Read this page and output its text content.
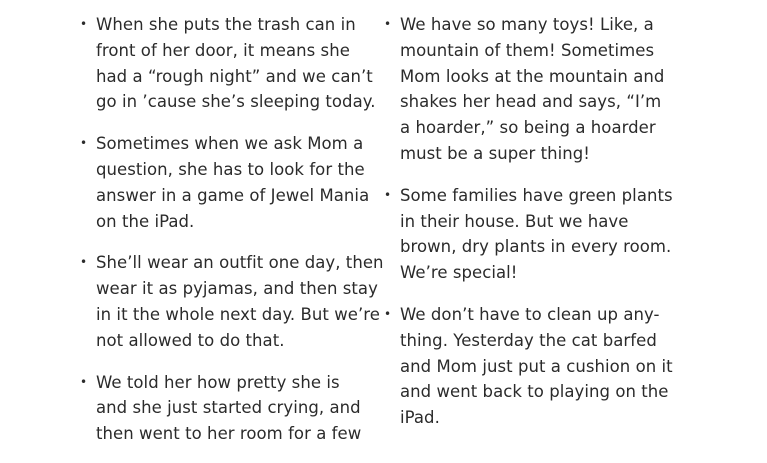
• When she puts the trash can in
front of her door, it means she
had a “rough night” and we can’t
go in ’cause she’s sleeping today.
• Sometimes when we ask Mom a
question, she has to look for the
answer in a game of Jewel Mania
on the iPad.
• She’ll wear an outfit one day, then
wear it as pyjamas, and then stay
in it the whole next day. But we’re
not allowed to do that.
• We told her how pretty she is
and she just started crying, and
then went to her room for a few
• We have so many toys! Like, a
mountain of them! Sometimes
Mom looks at the mountain and
shakes her head and says, “I’m
a hoarder,” so being a hoarder
must be a super thing!
• Some families have green plants
in their house. But we have
brown, dry plants in every room.
We’re special!
• We don’t have to clean up any-
thing. Yesterday the cat barfed
and Mom just put a cushion on it
and went back to playing on the
iPad.
